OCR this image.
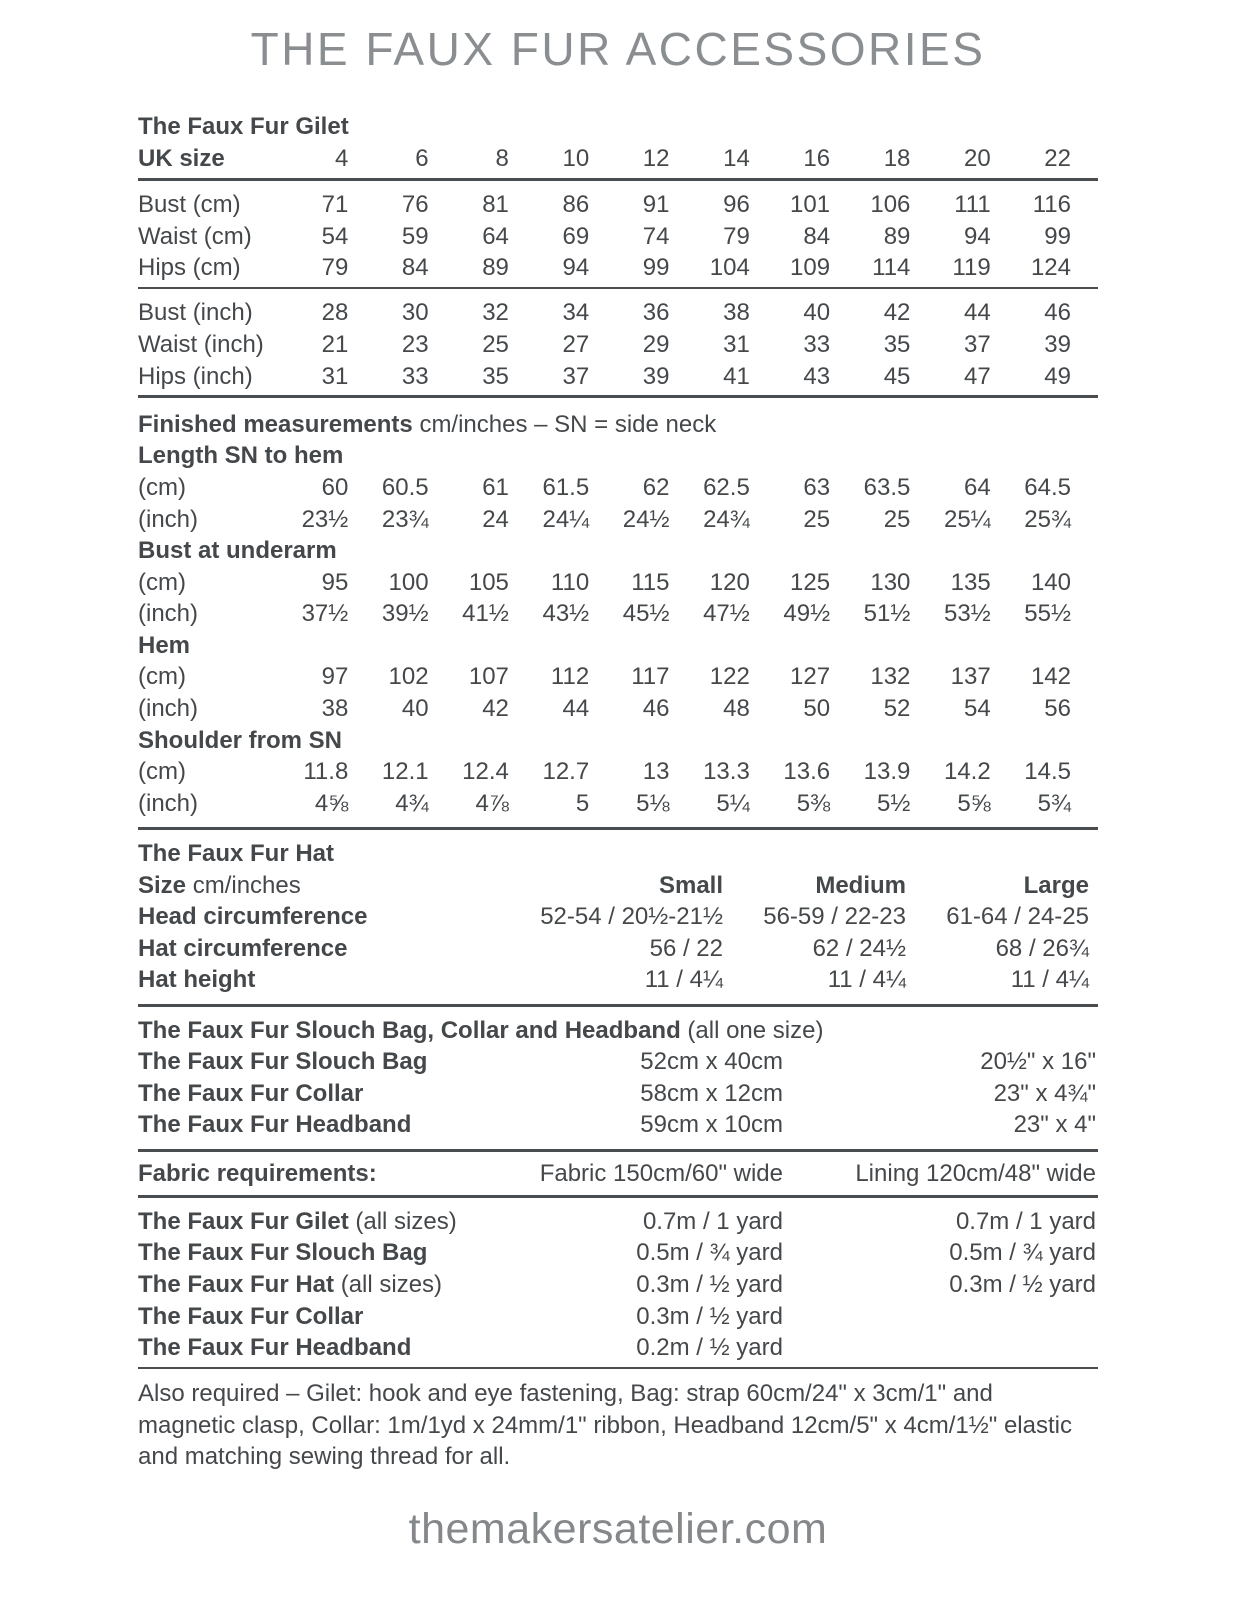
THE FAUX FUR ACCESSORIES
The Faux Fur Gilet
UK size	4	6	8	10	12	14	16	18	20	22
Bust (cm)	71	76	81	86	91	96	101	106	111	116
Waist (cm)	54	59	64	69	74	79	84	89	94	99
Hips (cm)	79	84	89	94	99	104	109	114	119	124
Bust (inch)	28	30	32	34	36	38	40	42	44	46
Waist (inch)	21	23	25	27	29	31	33	35	37	39
Hips (inch)	31	33	35	37	39	41	43	45	47	49
Finished measurements cm/inches – SN = side neck
Length SN to hem
(cm)	60	60.5	61	61.5	62	62.5	63	63.5	64	64.5
(inch)	23½	23¾	24	24¼	24½	24¾	25	25	25¼	25¾
Bust at underarm
(cm)	95	100	105	110	115	120	125	130	135	140
(inch)	37½	39½	41½	43½	45½	47½	49½	51½	53½	55½
Hem
(cm)	97	102	107	112	117	122	127	132	137	142
(inch)	38	40	42	44	46	48	50	52	54	56
Shoulder from SN
(cm)	11.8	12.1	12.4	12.7	13	13.3	13.6	13.9	14.2	14.5
(inch)	4⅝	4¾	4⅞	5	5⅛	5¼	5⅜	5½	5⅝	5¾
The Faux Fur Hat
Size cm/inches	Small	Medium	Large
Head circumference	52-54 / 20½-21½	56-59 / 22-23	61-64 / 24-25
Hat circumference	56 / 22	62 / 24½	68 / 26¾
Hat height	11 / 4¼	11 / 4¼	11 / 4¼
The Faux Fur Slouch Bag, Collar and Headband (all one size)
The Faux Fur Slouch Bag	52cm x 40cm	20½" x 16"
The Faux Fur Collar	58cm x 12cm	23" x 4¾"
The Faux Fur Headband	59cm x 10cm	23" x 4"
Fabric requirements:	Fabric 150cm/60" wide	Lining 120cm/48" wide
The Faux Fur Gilet (all sizes)	0.7m / 1 yard	0.7m / 1 yard
The Faux Fur Slouch Bag	0.5m / ¾ yard	0.5m / ¾ yard
The Faux Fur Hat (all sizes)	0.3m / ½ yard	0.3m / ½ yard
The Faux Fur Collar	0.3m / ½ yard
The Faux Fur Headband	0.2m / ½ yard

Also required – Gilet: hook and eye fastening, Bag: strap 60cm/24" x 3cm/1" and magnetic clasp, Collar: 1m/1yd x 24mm/1" ribbon, Headband 12cm/5" x 4cm/1½" elastic and matching sewing thread for all.

themakersatelier.com
